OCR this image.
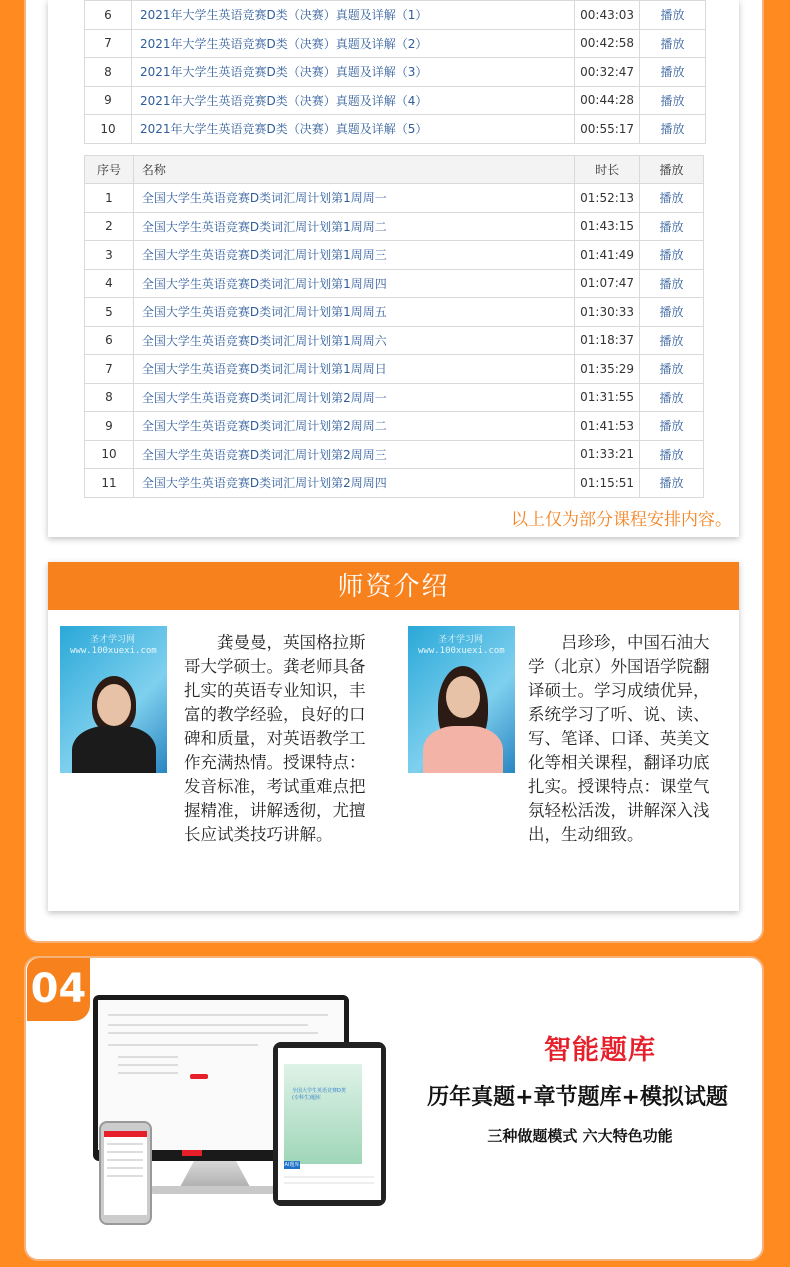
6	2021年大学生英语竞赛D类（决赛）真题及详解（1）	00:43:03	播放
7	2021年大学生英语竞赛D类（决赛）真题及详解（2）	00:42:58	播放
8	2021年大学生英语竞赛D类（决赛）真题及详解（3）	00:32:47	播放
9	2021年大学生英语竞赛D类（决赛）真题及详解（4）	00:44:28	播放
10	2021年大学生英语竞赛D类（决赛）真题及详解（5）	00:55:17	播放
序号	名称	时长	播放
1	全国大学生英语竞赛D类词汇周计划第1周周一	01:52:13	播放
2	全国大学生英语竞赛D类词汇周计划第1周周二	01:43:15	播放
3	全国大学生英语竞赛D类词汇周计划第1周周三	01:41:49	播放
4	全国大学生英语竞赛D类词汇周计划第1周周四	01:07:47	播放
5	全国大学生英语竞赛D类词汇周计划第1周周五	01:30:33	播放
6	全国大学生英语竞赛D类词汇周计划第1周周六	01:18:37	播放
7	全国大学生英语竞赛D类词汇周计划第1周周日	01:35:29	播放
8	全国大学生英语竞赛D类词汇周计划第2周周一	01:31:55	播放
9	全国大学生英语竞赛D类词汇周计划第2周周二	01:41:53	播放
10	全国大学生英语竞赛D类词汇周计划第2周周三	01:33:21	播放
11	全国大学生英语竞赛D类词汇周计划第2周周四	01:15:51	播放
以上仅为部分课程安排内容。
师资介绍
圣才学习网
www.100xuexi.com	龚曼曼，英国格拉斯哥大学硕士。龚老师具备扎实的英语专业知识，丰富的教学经验，良好的口碑和质量，对英语教学工作充满热情。授课特点：发音标准，考试重难点把握精准，讲解透彻，尤擅长应试类技巧讲解。
圣才学习网
www.100xuexi.com	吕珍珍，中国石油大学（北京）外国语学院翻译硕士。学习成绩优异，系统学习了听、说、读、写、笔译、口译、英美文化等相关课程，翻译功底扎实。授课特点：课堂气氛轻松活泼，讲解深入浅出，生动细致。
04
AI题库
全国大学生英语竞赛D类(专科生)题库
智能题库
历年真题+章节题库+模拟试题
三种做题模式 六大特色功能
